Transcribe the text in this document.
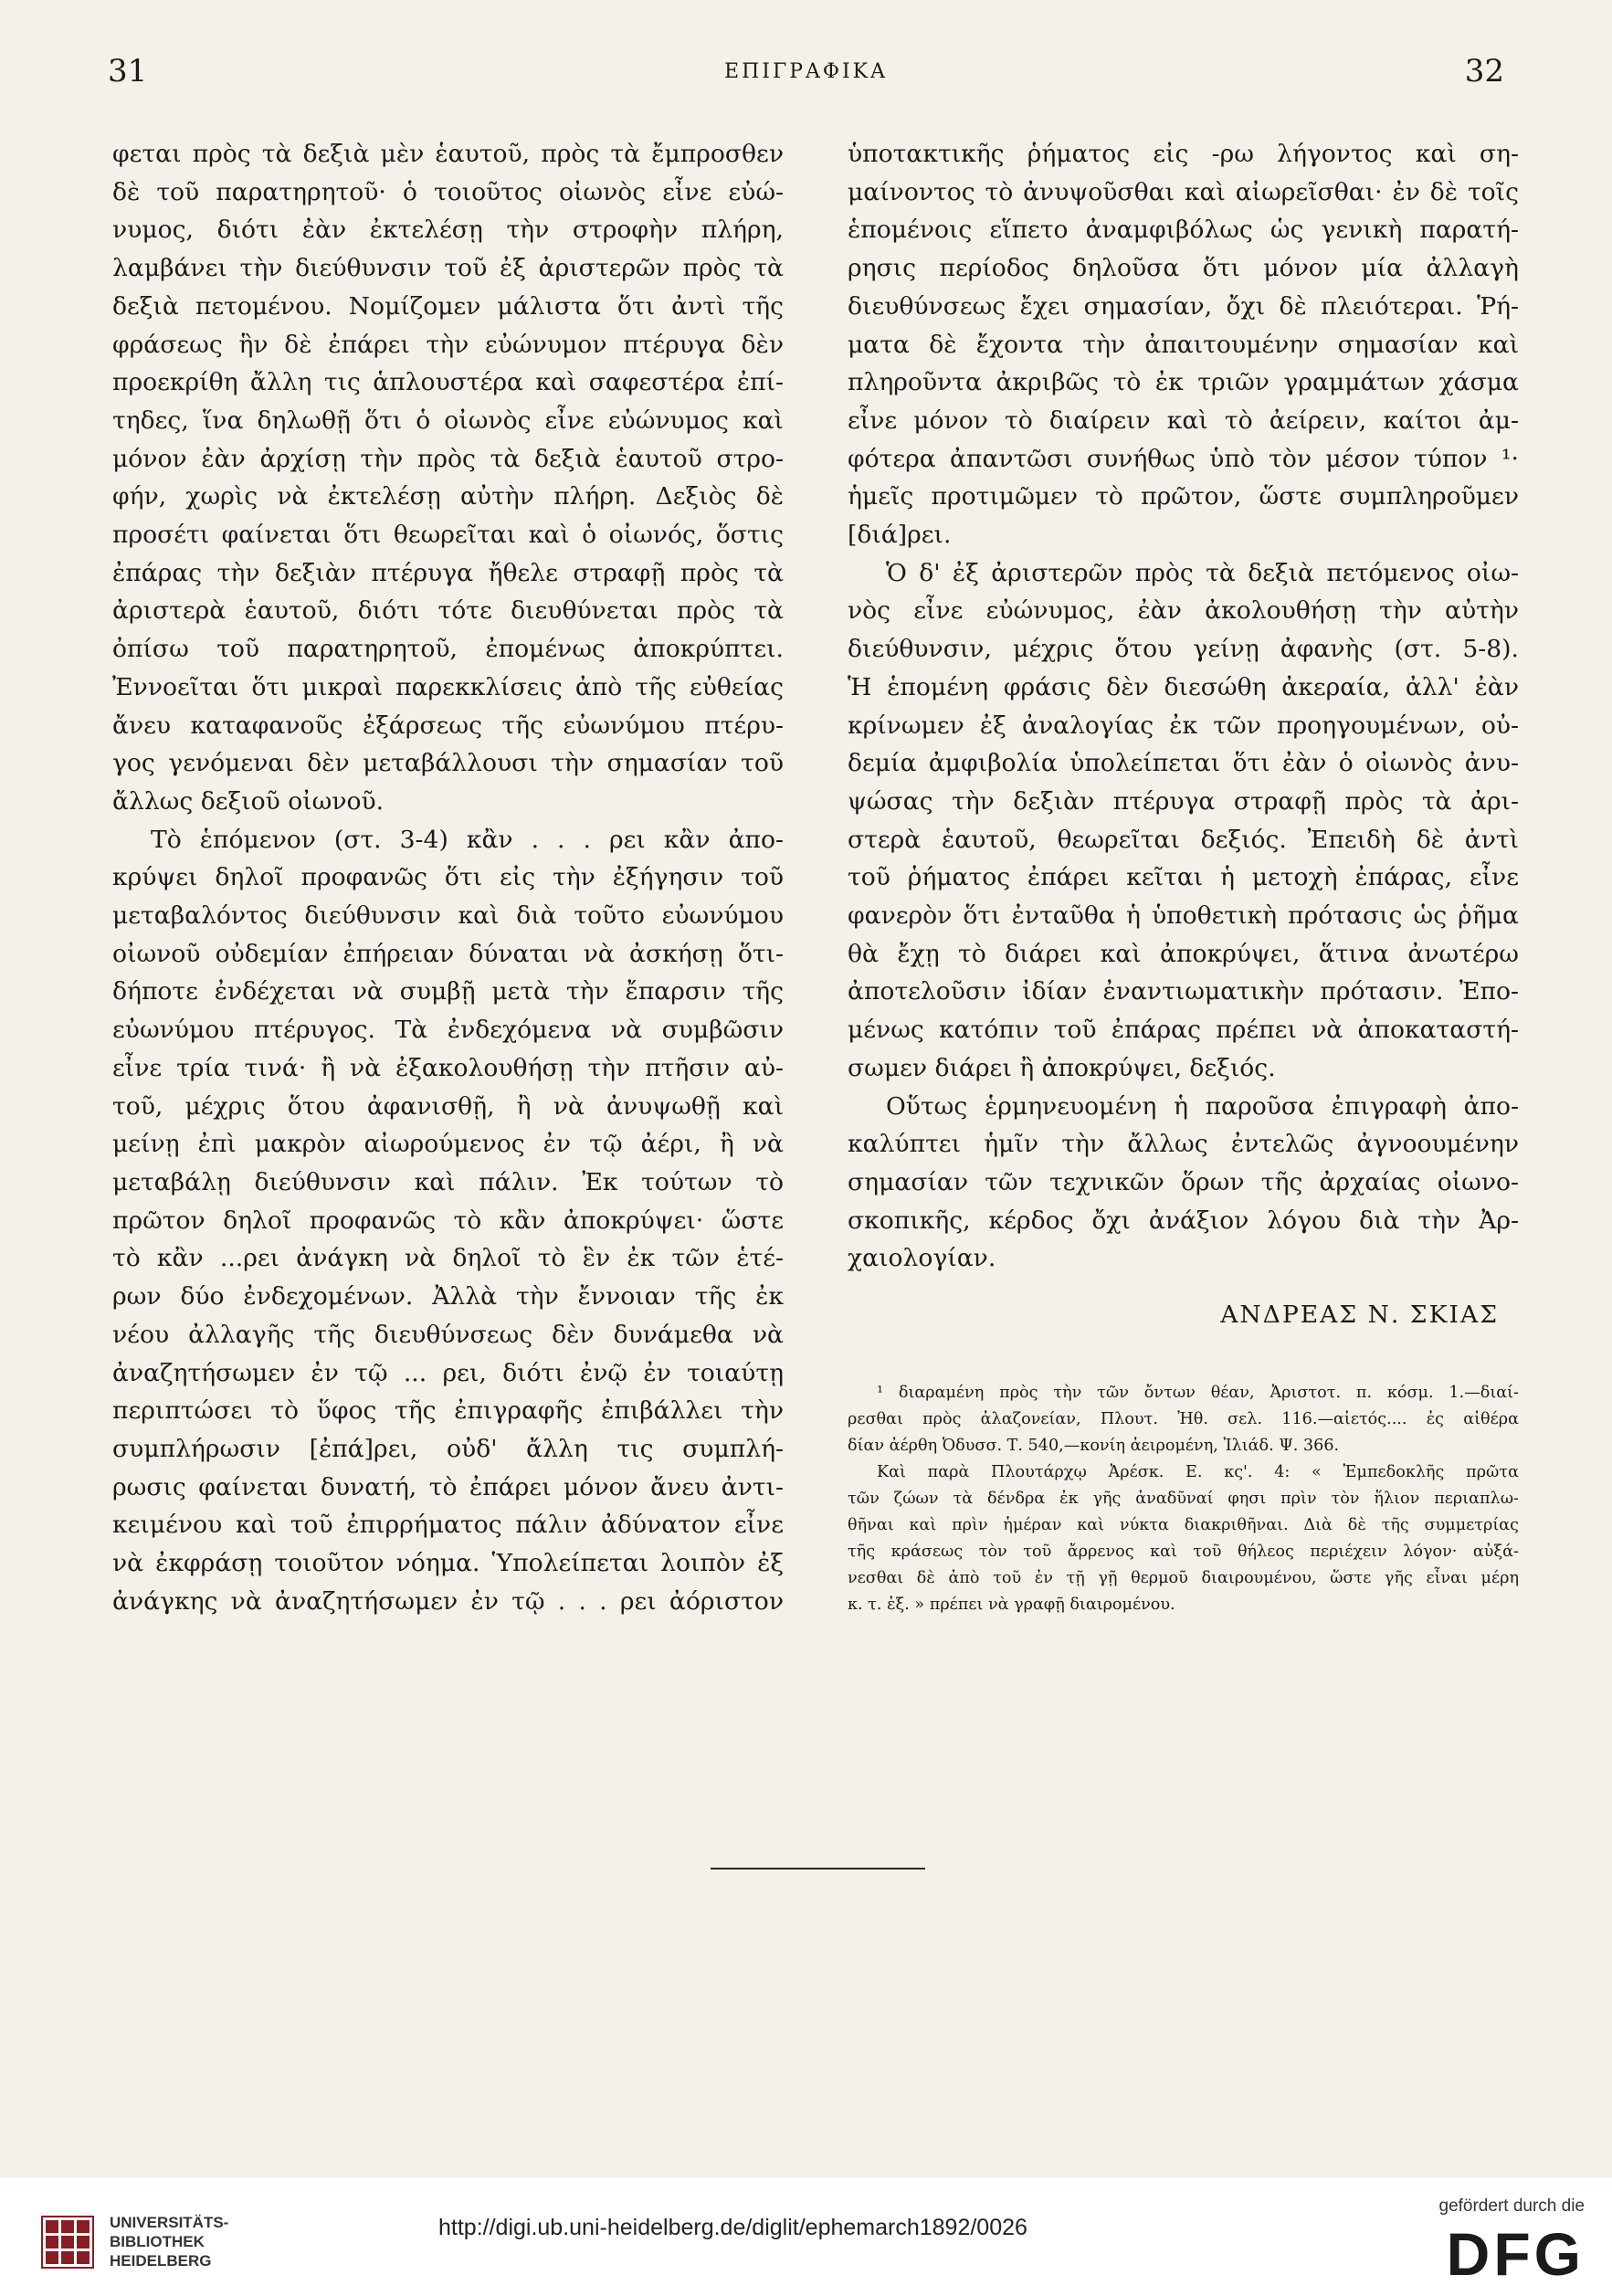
31	ΕΠΙΓΡΑΦΙΚΑ	32
φεται πρὸς τὰ δεξιὰ μὲν ἑαυτοῦ, πρὸς τὰ ἔμπροσθεν
δὲ τοῦ παρατηρητοῦ· ὁ τοιοῦτος οἰωνὸς εἶνε εὐώ-
νυμος, διότι ἐὰν ἐκτελέσῃ τὴν στροφὴν πλήρη,
λαμβάνει τὴν διεύθυνσιν τοῦ ἐξ ἀριστερῶν πρὸς τὰ
δεξιὰ πετομένου. Νομίζομεν μάλιστα ὅτι ἀντὶ τῆς
φράσεως ἣν δὲ ἐπάρει τὴν εὐώνυμον πτέρυγα δὲν
προεκρίθη ἄλλη τις ἁπλουστέρα καὶ σαφεστέρα ἐπί-
τηδες, ἵνα δηλωθῇ ὅτι ὁ οἰωνὸς εἶνε εὐώνυμος καὶ
μόνον ἐὰν ἀρχίσῃ τὴν πρὸς τὰ δεξιὰ ἑαυτοῦ στρο-
φήν, χωρὶς νὰ ἐκτελέσῃ αὐτὴν πλήρη. Δεξιὸς δὲ
προσέτι φαίνεται ὅτι θεωρεῖται καὶ ὁ οἰωνός, ὅστις
ἐπάρας τὴν δεξιὰν πτέρυγα ἤθελε στραφῇ πρὸς τὰ
ἀριστερὰ ἑαυτοῦ, διότι τότε διευθύνεται πρὸς τὰ
ὀπίσω τοῦ παρατηρητοῦ, ἐπομένως ἀποκρύπτει.
Ἐννοεῖται ὅτι μικραὶ παρεκκλίσεις ἀπὸ τῆς εὐθείας
ἄνευ καταφανοῦς ἐξάρσεως τῆς εὐωνύμου πτέρυ-
γος γενόμεναι δὲν μεταβάλλουσι τὴν σημασίαν τοῦ
ἄλλως δεξιοῦ οἰωνοῦ.
Τὸ ἑπόμενον (στ. 3-4) κἂν . . . ρει κἂν ἀπο-
κρύψει δηλοῖ προφανῶς ὅτι εἰς τὴν ἐξήγησιν τοῦ
μεταβαλόντος διεύθυνσιν καὶ διὰ τοῦτο εὐωνύμου
οἰωνοῦ οὐδεμίαν ἐπήρειαν δύναται νὰ ἀσκήσῃ ὅτι-
δήποτε ἐνδέχεται νὰ συμβῇ μετὰ τὴν ἔπαρσιν τῆς
εὐωνύμου πτέρυγος. Τὰ ἐνδεχόμενα νὰ συμβῶσιν
εἶνε τρία τινά· ἢ νὰ ἐξακολουθήσῃ τὴν πτῆσιν αὐ-
τοῦ, μέχρις ὅτου ἀφανισθῇ, ἢ νὰ ἀνυψωθῇ καὶ
μείνῃ ἐπὶ μακρὸν αἰωρούμενος ἐν τῷ ἀέρι, ἢ νὰ
μεταβάλῃ διεύθυνσιν καὶ πάλιν. Ἐκ τούτων τὸ
πρῶτον δηλοῖ προφανῶς τὸ κἂν ἀποκρύψει· ὥστε
τὸ κἂν ...ρει ἀνάγκη νὰ δηλοῖ τὸ ἓν ἐκ τῶν ἑτέ-
ρων δύο ἐνδεχομένων. Ἀλλὰ τὴν ἔννοιαν τῆς ἐκ
νέου ἀλλαγῆς τῆς διευθύνσεως δὲν δυνάμεθα νὰ
ἀναζητήσωμεν ἐν τῷ ... ρει, διότι ἐνῷ ἐν τοιαύτῃ
περιπτώσει τὸ ὕφος τῆς ἐπιγραφῆς ἐπιβάλλει τὴν
συμπλήρωσιν [ἐπά]ρει, οὐδ' ἄλλη τις συμπλή-
ρωσις φαίνεται δυνατή, τὸ ἐπάρει μόνον ἄνευ ἀντι-
κειμένου καὶ τοῦ ἐπιρρήματος πάλιν ἀδύνατον εἶνε
νὰ ἐκφράσῃ τοιοῦτον νόημα. Ὑπολείπεται λοιπὸν ἐξ
ἀνάγκης νὰ ἀναζητήσωμεν ἐν τῷ . . . ρει ἀόριστον
ὑποτακτικῆς ῥήματος εἰς -ρω λήγοντος καὶ ση-
μαίνοντος τὸ ἀνυψοῦσθαι καὶ αἰωρεῖσθαι· ἐν δὲ τοῖς
ἑπομένοις εἵπετο ἀναμφιβόλως ὡς γενικὴ παρατή-
ρησις περίοδος δηλοῦσα ὅτι μόνον μία ἀλλαγὴ
διευθύνσεως ἔχει σημασίαν, ὄχι δὲ πλειότεραι. Ῥή-
ματα δὲ ἔχοντα τὴν ἀπαιτουμένην σημασίαν καὶ
πληροῦντα ἀκριβῶς τὸ ἐκ τριῶν γραμμάτων χάσμα
εἶνε μόνον τὸ διαίρειν καὶ τὸ ἀείρειν, καίτοι ἀμ-
φότερα ἀπαντῶσι συνήθως ὑπὸ τὸν μέσον τύπον ¹·
ἡμεῖς προτιμῶμεν τὸ πρῶτον, ὥστε συμπληροῦμεν
[διά]ρει.
Ὁ δ' ἐξ ἀριστερῶν πρὸς τὰ δεξιὰ πετόμενος οἰω-
νὸς εἶνε εὐώνυμος, ἐὰν ἀκολουθήσῃ τὴν αὐτὴν
διεύθυνσιν, μέχρις ὅτου γείνῃ ἀφανὴς (στ. 5-8).
Ἡ ἑπομένη φράσις δὲν διεσώθη ἀκεραία, ἀλλ' ἐὰν
κρίνωμεν ἐξ ἀναλογίας ἐκ τῶν προηγουμένων, οὐ-
δεμία ἀμφιβολία ὑπολείπεται ὅτι ἐὰν ὁ οἰωνὸς ἀνυ-
ψώσας τὴν δεξιὰν πτέρυγα στραφῇ πρὸς τὰ ἀρι-
στερὰ ἑαυτοῦ, θεωρεῖται δεξιός. Ἐπειδὴ δὲ ἀντὶ
τοῦ ῥήματος ἐπάρει κεῖται ἡ μετοχὴ ἐπάρας, εἶνε
φανερὸν ὅτι ἐνταῦθα ἡ ὑποθετικὴ πρότασις ὡς ῥῆμα
θὰ ἔχῃ τὸ διάρει καὶ ἀποκρύψει, ἅτινα ἀνωτέρω
ἀποτελοῦσιν ἰδίαν ἐναντιωματικὴν πρότασιν. Ἐπο-
μένως κατόπιν τοῦ ἐπάρας πρέπει νὰ ἀποκαταστή-
σωμεν διάρει ἢ ἀποκρύψει, δεξιός.
Οὕτως ἑρμηνευομένη ἡ παροῦσα ἐπιγραφὴ ἀπο-
καλύπτει ἡμῖν τὴν ἄλλως ἐντελῶς ἀγνοουμένην
σημασίαν τῶν τεχνικῶν ὅρων τῆς ἀρχαίας οἰωνο-
σκοπικῆς, κέρδος ὄχι ἀνάξιον λόγου διὰ τὴν Ἀρ-
χαιολογίαν.
ΑΝΔΡΕΑΣ Ν. ΣΚΙΑΣ
¹ διαραμένη πρὸς τὴν τῶν ὄντων θέαν, Ἀριστοτ. π. κόσμ. 1.—διαί-
ρεσθαι πρὸς ἀλαζονείαν, Πλουτ. Ἠθ. σελ. 116.—αἰετός.... ἐς αἰθέρα
δίαν ἀέρθη Ὀδυσσ. Τ. 540,—κονίη ἀειρομένη, Ἰλιάδ. Ψ. 366.
Καὶ παρὰ Πλουτάρχῳ Ἀρέσκ. Ε. κς'. 4: « Ἐμπεδοκλῆς πρῶτα
τῶν ζώων τὰ δένδρα ἐκ γῆς ἀναδῦναί φησι πρὶν τὸν ἥλιον περιαπλω-
θῆναι καὶ πρὶν ἡμέραν καὶ νύκτα διακριθῆναι. Διὰ δὲ τῆς συμμετρίας
τῆς κράσεως τὸν τοῦ ἄρρενος καὶ τοῦ θήλεος περιέχειν λόγον· αὐξά-
νεσθαι δὲ ἀπὸ τοῦ ἐν τῇ γῇ θερμοῦ διαιρουμένου, ὥστε γῆς εἶναι μέρη
κ. τ. ἑξ. » πρέπει νὰ γραφῇ διαιρομένου.
UNIVERSITÄTS-
BIBLIOTHEK
HEIDELBERG
http://digi.ub.uni-heidelberg.de/diglit/ephemarch1892/0026
gefördert durch die
DFG
